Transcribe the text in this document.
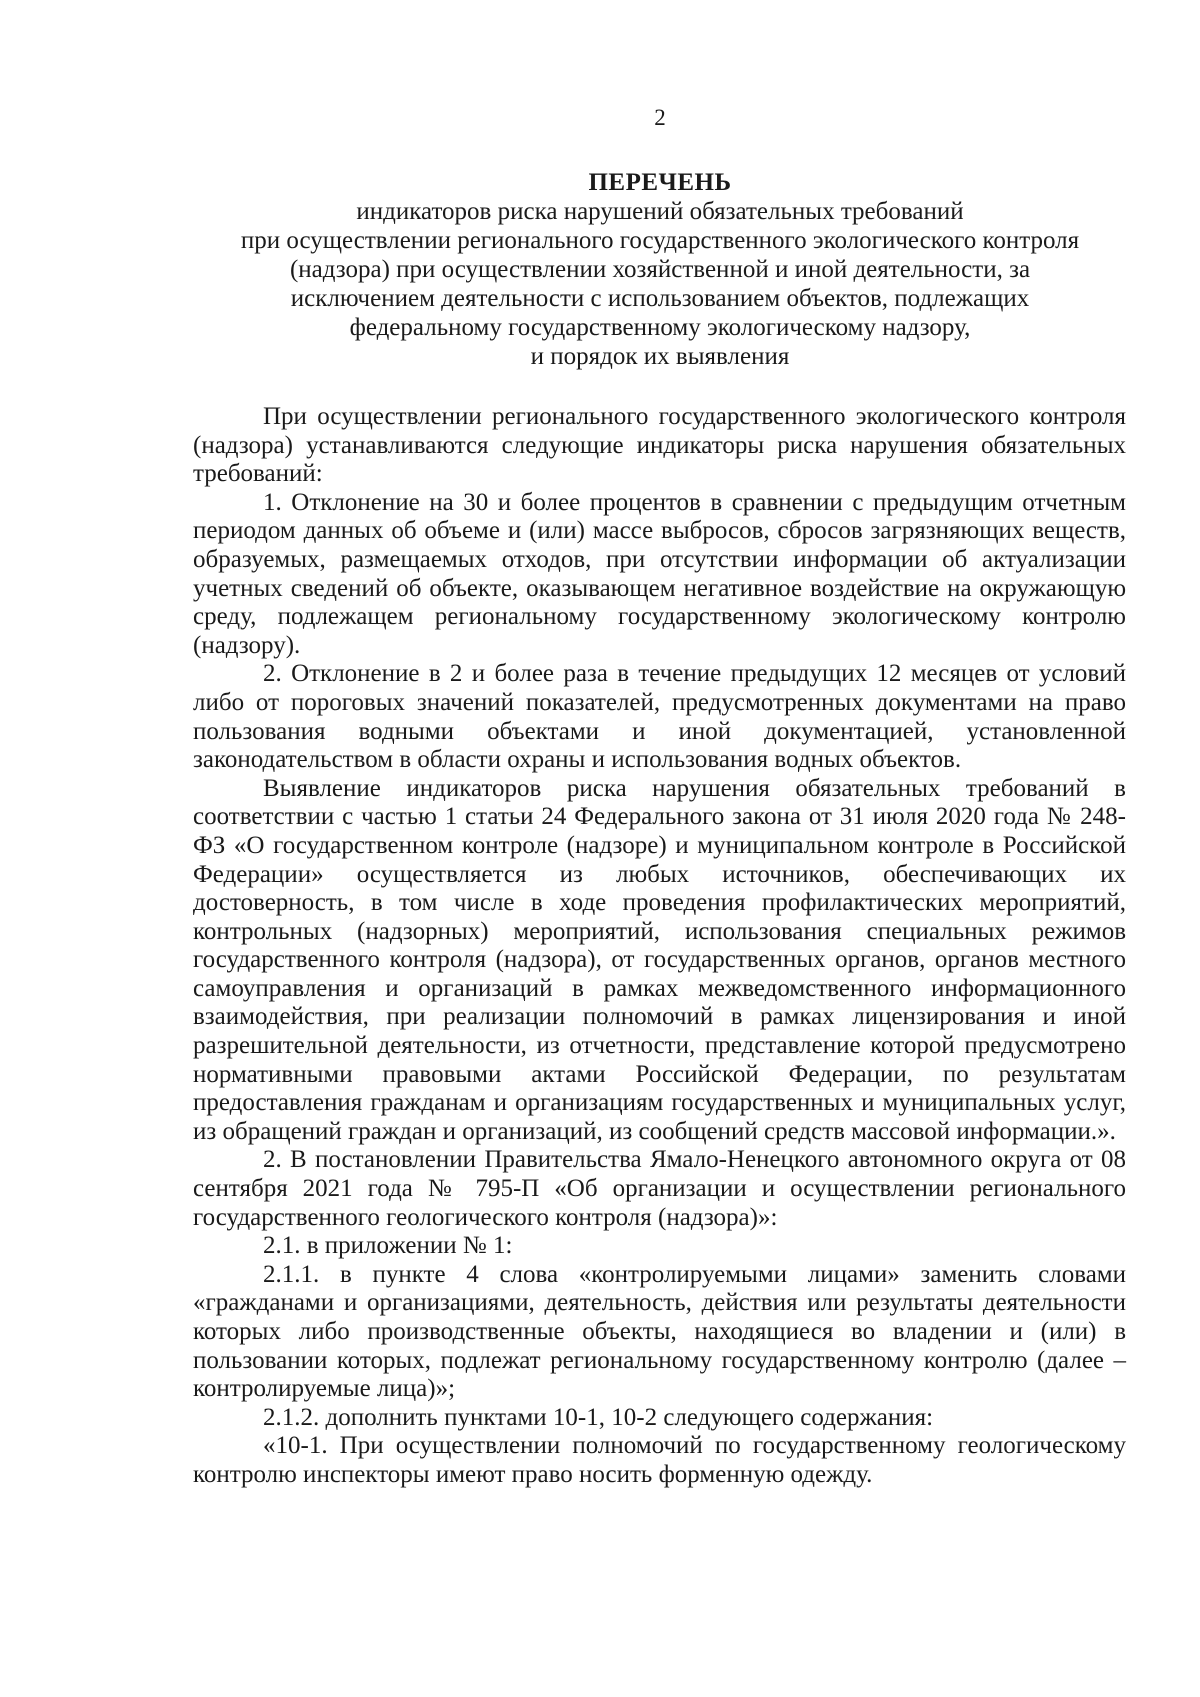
2
ПЕРЕЧЕНЬ
индикаторов риска нарушений обязательных требований
при осуществлении регионального государственного экологического контроля
(надзора) при осуществлении хозяйственной и иной деятельности, за
исключением деятельности с использованием объектов, подлежащих
федеральному государственному экологическому надзору,
и порядок их выявления

При осуществлении регионального государственного экологического контроля (надзора) устанавливаются следующие индикаторы риска нарушения обязательных требований:

1. Отклонение на 30 и более процентов в сравнении с предыдущим отчетным периодом данных об объеме и (или) массе выбросов, сбросов загрязняющих веществ, образуемых, размещаемых отходов, при отсутствии информации об актуализации учетных сведений об объекте, оказывающем негативное воздействие на окружающую среду, подлежащем региональному государственному экологическому контролю (надзору).

2. Отклонение в 2 и более раза в течение предыдущих 12 месяцев от условий либо от пороговых значений показателей, предусмотренных документами на право пользования водными объектами и иной документацией, установленной законодательством в области охраны и использования водных объектов.

Выявление индикаторов риска нарушения обязательных требований в соответствии с частью 1 статьи 24 Федерального закона от 31 июля 2020 года № 248-ФЗ «О государственном контроле (надзоре) и муниципальном контроле в Российской Федерации» осуществляется из любых источников, обеспечивающих их достоверность, в том числе в ходе проведения профилактических мероприятий, контрольных (надзорных) мероприятий, использования специальных режимов государственного контроля (надзора), от государственных органов, органов местного самоуправления и организаций в рамках межведомственного информационного взаимодействия, при реализации полномочий в рамках лицензирования и иной разрешительной деятельности, из отчетности, представление которой предусмотрено нормативными правовыми актами Российской Федерации, по результатам предоставления гражданам и организациям государственных и муниципальных услуг, из обращений граждан и организаций, из сообщений средств массовой информации.».

2. В постановлении Правительства Ямало-Ненецкого автономного округа от 08 сентября 2021 года № 795-П «Об организации и осуществлении регионального государственного геологического контроля (надзора)»:

2.1. в приложении № 1:

2.1.1. в пункте 4 слова «контролируемыми лицами» заменить словами «гражданами и организациями, деятельность, действия или результаты деятельности которых либо производственные объекты, находящиеся во владении и (или) в пользовании которых, подлежат региональному государственному контролю (далее – контролируемые лица)»;

2.1.2. дополнить пунктами 10-1, 10-2 следующего содержания:

«10-1. При осуществлении полномочий по государственному геологическому контролю инспекторы имеют право носить форменную одежду.
